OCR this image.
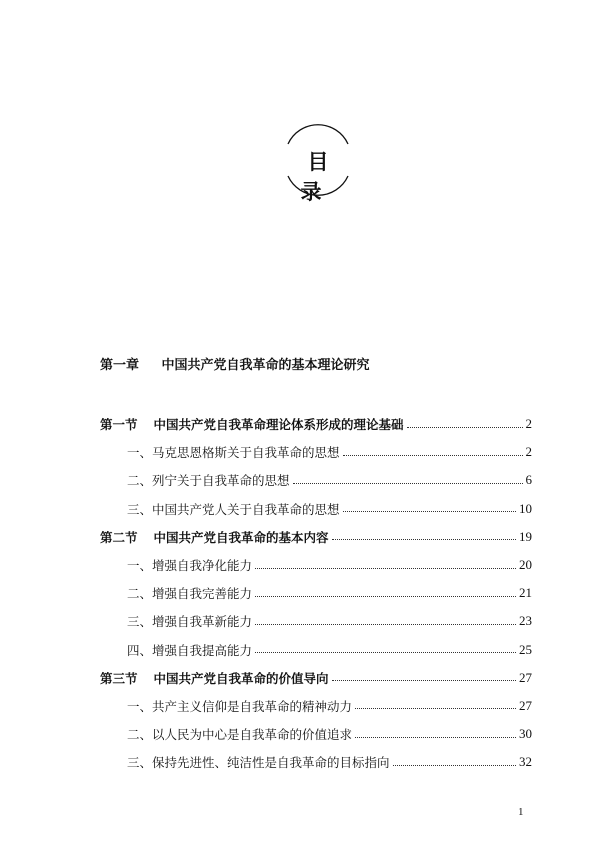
目 录
第一章 中国共产党自我革命的基本理论研究
第一节 中国共产党自我革命理论体系形成的理论基础	2
一、马克思恩格斯关于自我革命的思想	2
二、列宁关于自我革命的思想	6
三、中国共产党人关于自我革命的思想	10
第二节 中国共产党自我革命的基本内容	19
一、增强自我净化能力	20
二、增强自我完善能力	21
三、增强自我革新能力	23
四、增强自我提高能力	25
第三节 中国共产党自我革命的价值导向	27
一、共产主义信仰是自我革命的精神动力	27
二、以人民为中心是自我革命的价值追求	30
三、保持先进性、纯洁性是自我革命的目标指向	32
1
